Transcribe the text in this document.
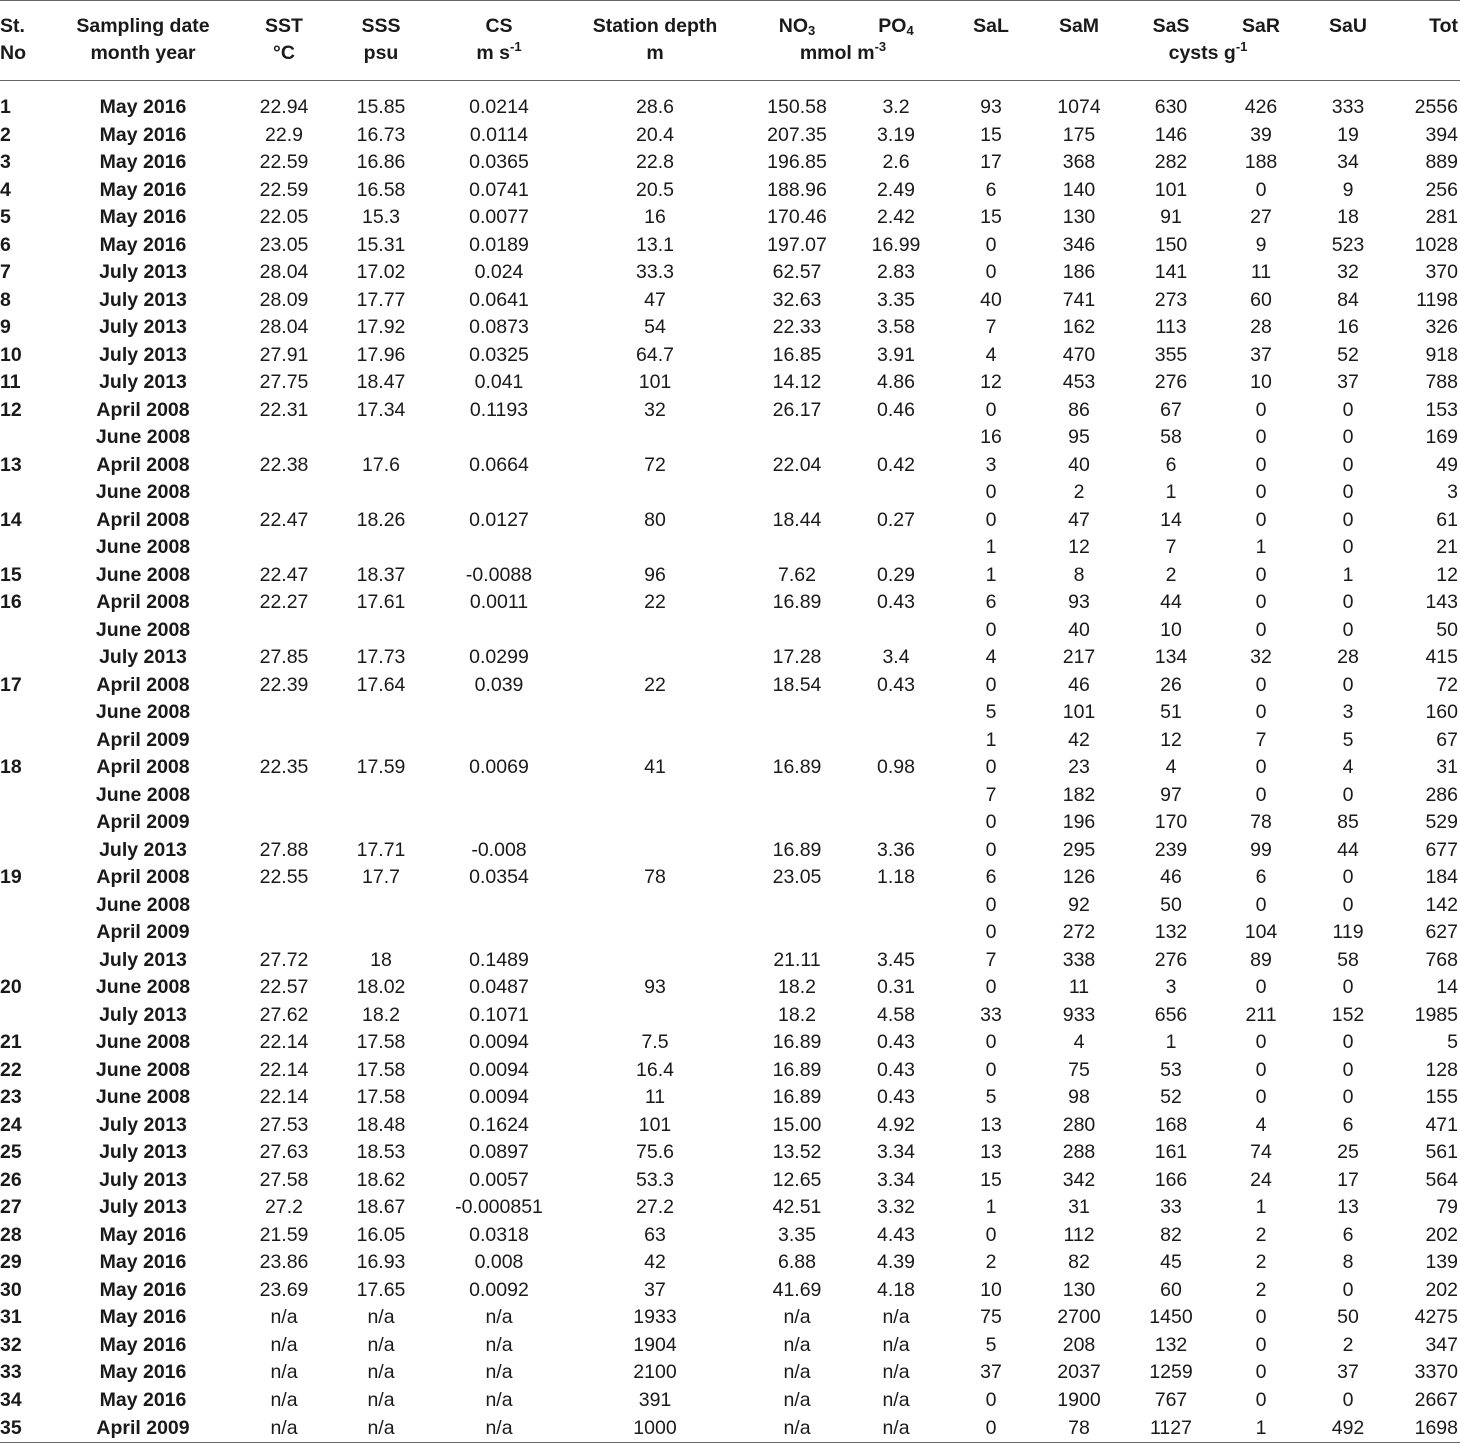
St.	Sampling date	SST	SSS	CS	Station depth	$NO_3$	$PO_4$	SaL	SaM	SaS	SaR	SaU	Tot
No	month year	°C	psu	m $s^{-1}$	m	mmol $m^{-3}$				cysts $g^{-1}$		

1	May 2016	22.94	15.85	0.0214	28.6	150.58	3.2	93	1074	630	426	333	2556
2	May 2016	22.9	16.73	0.0114	20.4	207.35	3.19	15	175	146	39	19	394
3	May 2016	22.59	16.86	0.0365	22.8	196.85	2.6	17	368	282	188	34	889
4	May 2016	22.59	16.58	0.0741	20.5	188.96	2.49	6	140	101	0	9	256
5	May 2016	22.05	15.3	0.0077	16	170.46	2.42	15	130	91	27	18	281
6	May 2016	23.05	15.31	0.0189	13.1	197.07	16.99	0	346	150	9	523	1028
7	July 2013	28.04	17.02	0.024	33.3	62.57	2.83	0	186	141	11	32	370
8	July 2013	28.09	17.77	0.0641	47	32.63	3.35	40	741	273	60	84	1198
9	July 2013	28.04	17.92	0.0873	54	22.33	3.58	7	162	113	28	16	326
10	July 2013	27.91	17.96	0.0325	64.7	16.85	3.91	4	470	355	37	52	918
11	July 2013	27.75	18.47	0.041	101	14.12	4.86	12	453	276	10	37	788
12	April 2008	22.31	17.34	0.1193	32	26.17	0.46	0	86	67	0	0	153
	June 2008							16	95	58	0	0	169
13	April 2008	22.38	17.6	0.0664	72	22.04	0.42	3	40	6	0	0	49
	June 2008							0	2	1	0	0	3
14	April 2008	22.47	18.26	0.0127	80	18.44	0.27	0	47	14	0	0	61
	June 2008							1	12	7	1	0	21
15	June 2008	22.47	18.37	-0.0088	96	7.62	0.29	1	8	2	0	1	12
16	April 2008	22.27	17.61	0.0011	22	16.89	0.43	6	93	44	0	0	143
	June 2008							0	40	10	0	0	50
	July 2013	27.85	17.73	0.0299		17.28	3.4	4	217	134	32	28	415
17	April 2008	22.39	17.64	0.039	22	18.54	0.43	0	46	26	0	0	72
	June 2008							5	101	51	0	3	160
	April 2009							1	42	12	7	5	67
18	April 2008	22.35	17.59	0.0069	41	16.89	0.98	0	23	4	0	4	31
	June 2008							7	182	97	0	0	286
	April 2009							0	196	170	78	85	529
	July 2013	27.88	17.71	-0.008		16.89	3.36	0	295	239	99	44	677
19	April 2008	22.55	17.7	0.0354	78	23.05	1.18	6	126	46	6	0	184
	June 2008							0	92	50	0	0	142
	April 2009							0	272	132	104	119	627
	July 2013	27.72	18	0.1489		21.11	3.45	7	338	276	89	58	768
20	June 2008	22.57	18.02	0.0487	93	18.2	0.31	0	11	3	0	0	14
	July 2013	27.62	18.2	0.1071		18.2	4.58	33	933	656	211	152	1985
21	June 2008	22.14	17.58	0.0094	7.5	16.89	0.43	0	4	1	0	0	5
22	June 2008	22.14	17.58	0.0094	16.4	16.89	0.43	0	75	53	0	0	128
23	June 2008	22.14	17.58	0.0094	11	16.89	0.43	5	98	52	0	0	155
24	July 2013	27.53	18.48	0.1624	101	15.00	4.92	13	280	168	4	6	471
25	July 2013	27.63	18.53	0.0897	75.6	13.52	3.34	13	288	161	74	25	561
26	July 2013	27.58	18.62	0.0057	53.3	12.65	3.34	15	342	166	24	17	564
27	July 2013	27.2	18.67	-0.000851	27.2	42.51	3.32	1	31	33	1	13	79
28	May 2016	21.59	16.05	0.0318	63	3.35	4.43	0	112	82	2	6	202
29	May 2016	23.86	16.93	0.008	42	6.88	4.39	2	82	45	2	8	139
30	May 2016	23.69	17.65	0.0092	37	41.69	4.18	10	130	60	2	0	202
31	May 2016	n/a	n/a	n/a	1933	n/a	n/a	75	2700	1450	0	50	4275
32	May 2016	n/a	n/a	n/a	1904	n/a	n/a	5	208	132	0	2	347
33	May 2016	n/a	n/a	n/a	2100	n/a	n/a	37	2037	1259	0	37	3370
34	May 2016	n/a	n/a	n/a	391	n/a	n/a	0	1900	767	0	0	2667
35	April 2009	n/a	n/a	n/a	1000	n/a	n/a	0	78	1127	1	492	1698
